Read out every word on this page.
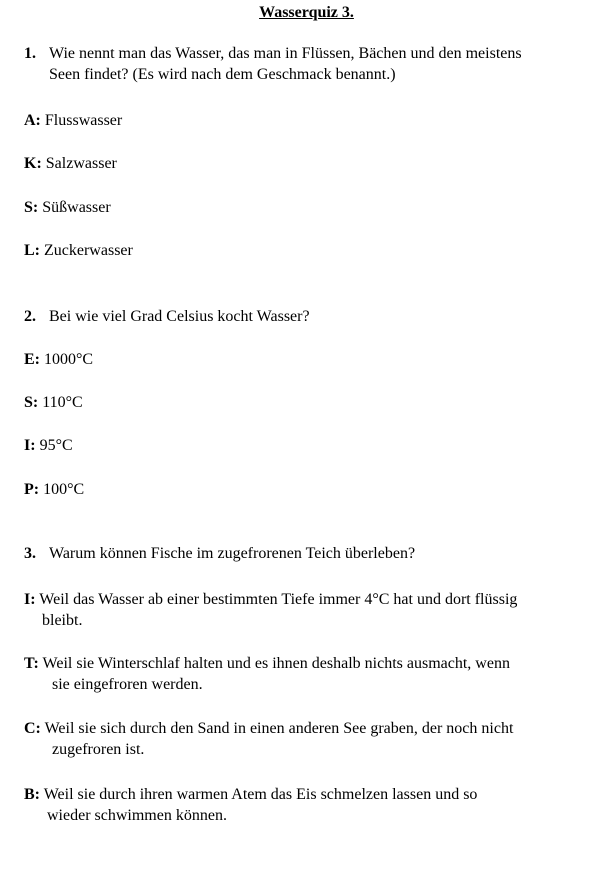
Wasserquiz 3.
1. Wie nennt man das Wasser, das man in Flüssen, Bächen und den meistens
Seen findet? (Es wird nach dem Geschmack benannt.)
A: Flusswasser
K: Salzwasser
S: Süßwasser
L: Zuckerwasser
2. Bei wie viel Grad Celsius kocht Wasser?
E: 1000°C
S: 110°C
I: 95°C
P: 100°C
3. Warum können Fische im zugefrorenen Teich überleben?
I: Weil das Wasser ab einer bestimmten Tiefe immer 4°C hat und dort flüssig
bleibt.
T: Weil sie Winterschlaf halten und es ihnen deshalb nichts ausmacht, wenn
sie eingefroren werden.
C: Weil sie sich durch den Sand in einen anderen See graben, der noch nicht
zugefroren ist.
B: Weil sie durch ihren warmen Atem das Eis schmelzen lassen und so
wieder schwimmen können.
